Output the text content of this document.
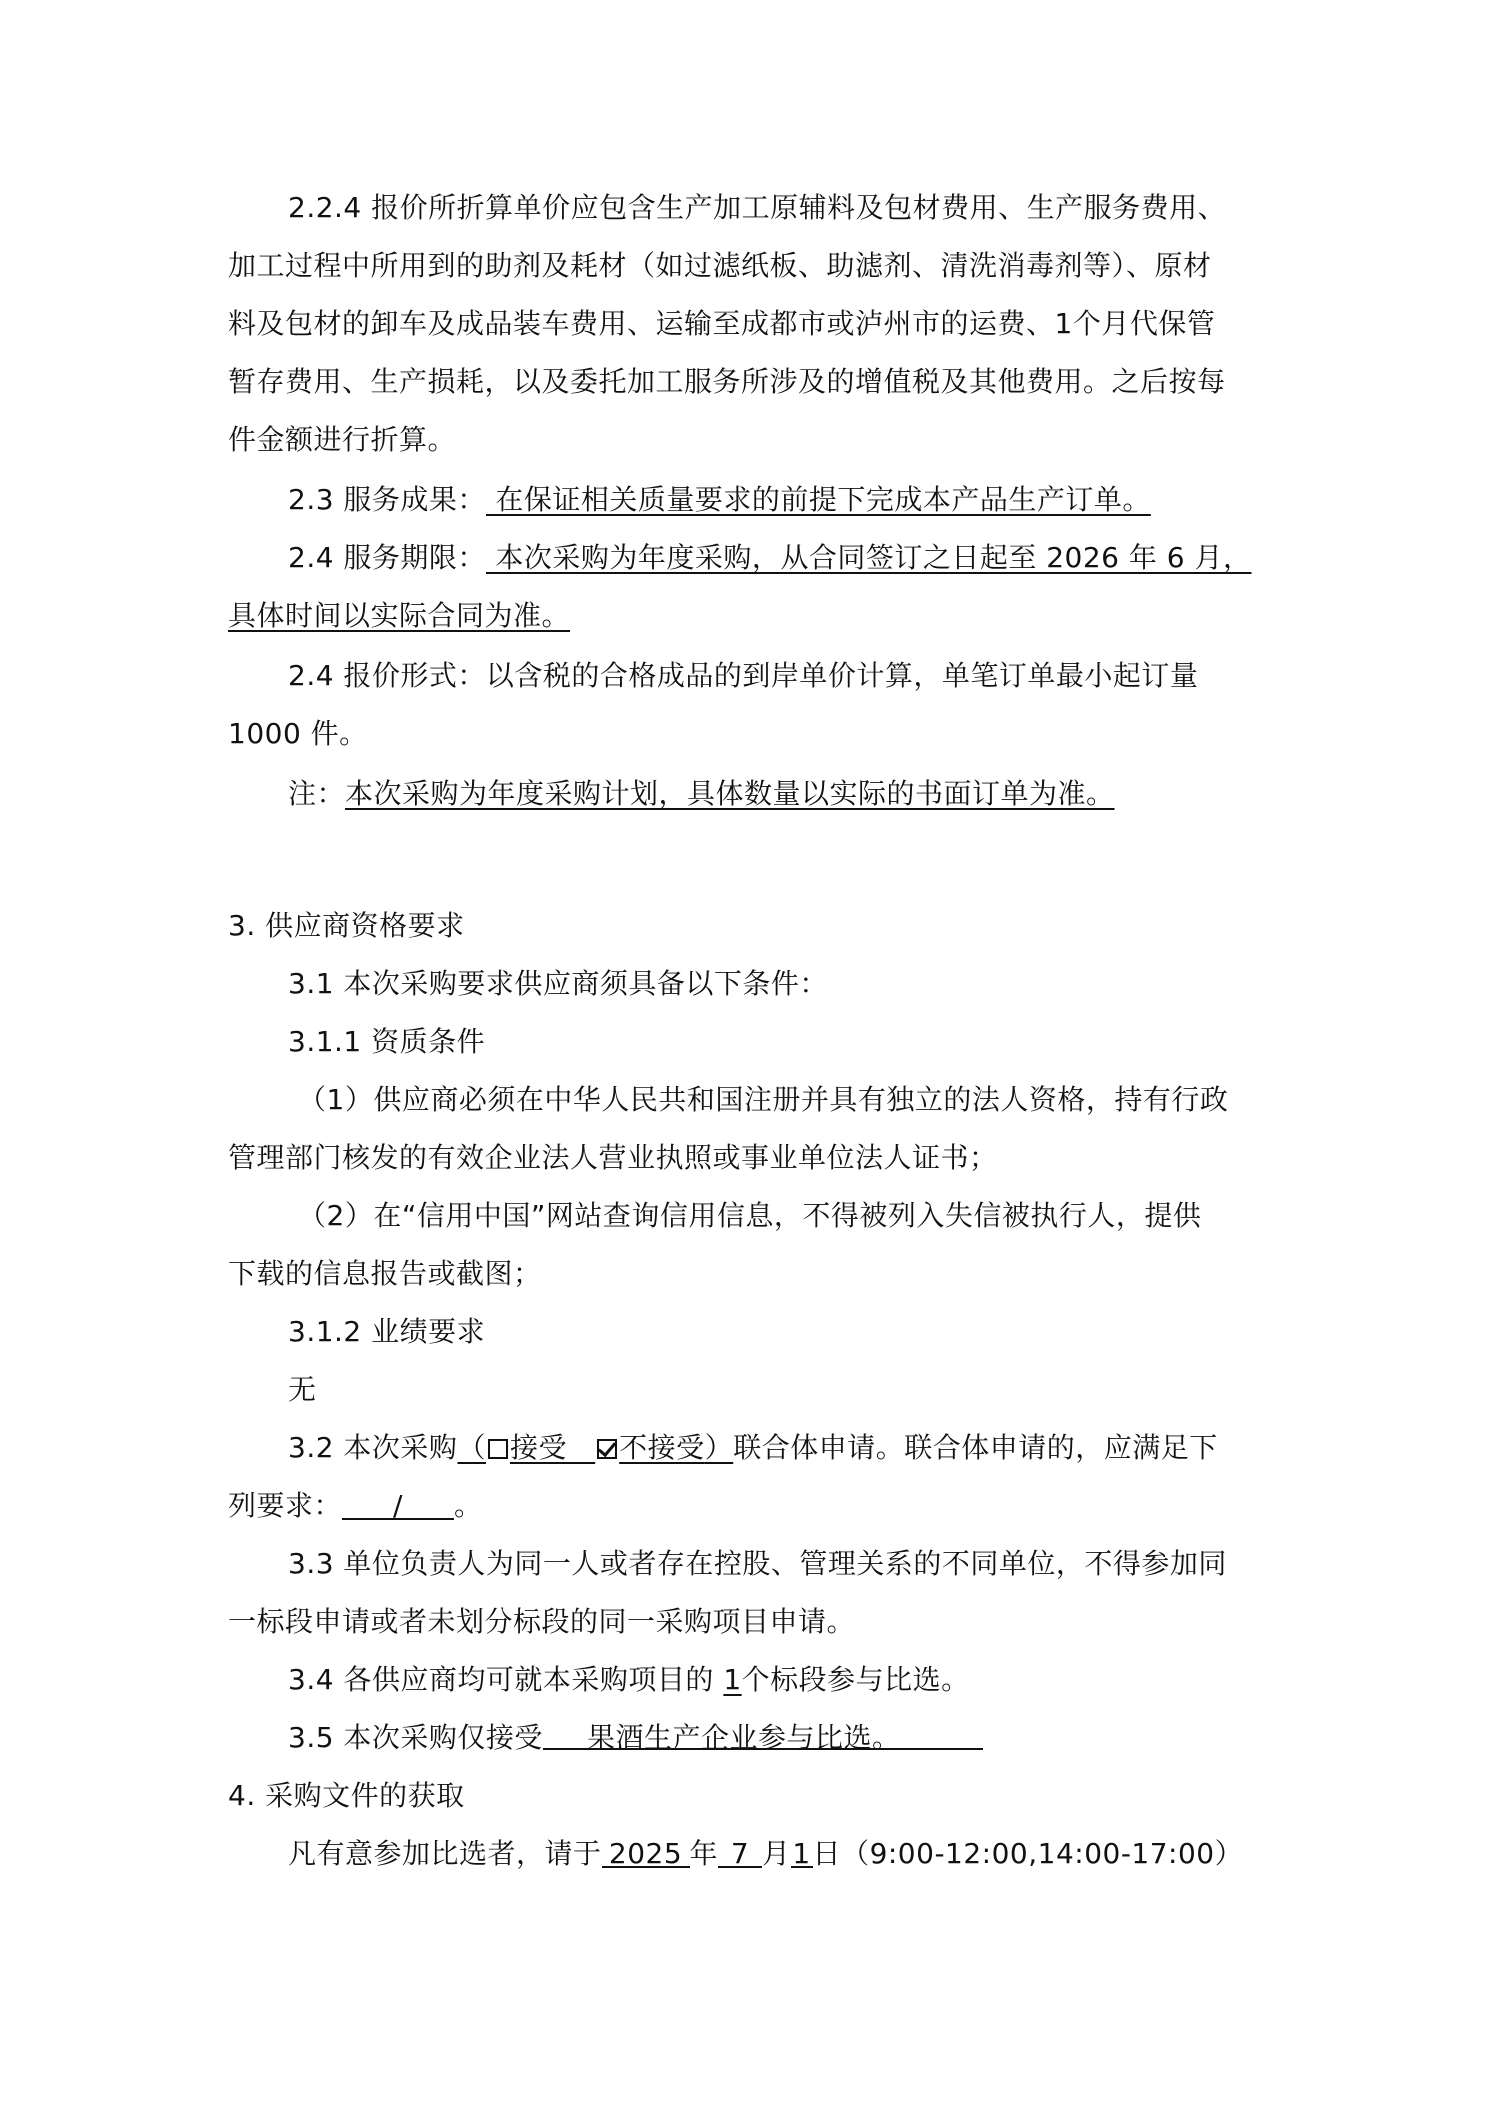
2.2.4 报价所折算单价应包含生产加工原辅料及包材费用、生产服务费用、
加工过程中所用到的助剂及耗材（如过滤纸板、助滤剂、清洗消毒剂等）、原材
料及包材的卸车及成品装车费用、运输至成都市或泸州市的运费、1个月代保管
暂存费用、生产损耗，以及委托加工服务所涉及的增值税及其他费用。之后按每
件金额进行折算。
2.3 服务成果： 在保证相关质量要求的前提下完成本产品生产订单。
2.4 服务期限： 本次采购为年度采购，从合同签订之日起至 2026 年 6 月，
具体时间以实际合同为准。
2.4 报价形式：以含税的合格成品的到岸单价计算，单笔订单最小起订量
1000 件。
注：本次采购为年度采购计划，具体数量以实际的书面订单为准。
3. 供应商资格要求
3.1 本次采购要求供应商须具备以下条件：
3.1.1 资质条件
（1）供应商必须在中华人民共和国注册并具有独立的法人资格，持有行政
管理部门核发的有效企业法人营业执照或事业单位法人证书；
（2）在“信用中国”网站查询信用信息，不得被列入失信被执行人，提供
下载的信息报告或截图；
3.1.2 业绩要求
无
3.2 本次采购（ 接受 不接受）联合体申请。联合体申请的，应满足下
列要求： / 。
3.3 单位负责人为同一人或者存在控股、管理关系的不同单位，不得参加同
一标段申请或者未划分标段的同一采购项目申请。
3.4 各供应商均可就本采购项目的 1个标段参与比选。
3.5 本次采购仅接受 果酒生产企业参与比选。
4. 采购文件的获取
凡有意参加比选者，请于 2025 年 7 月1日（9:00-12:00,14:00-17:00）
